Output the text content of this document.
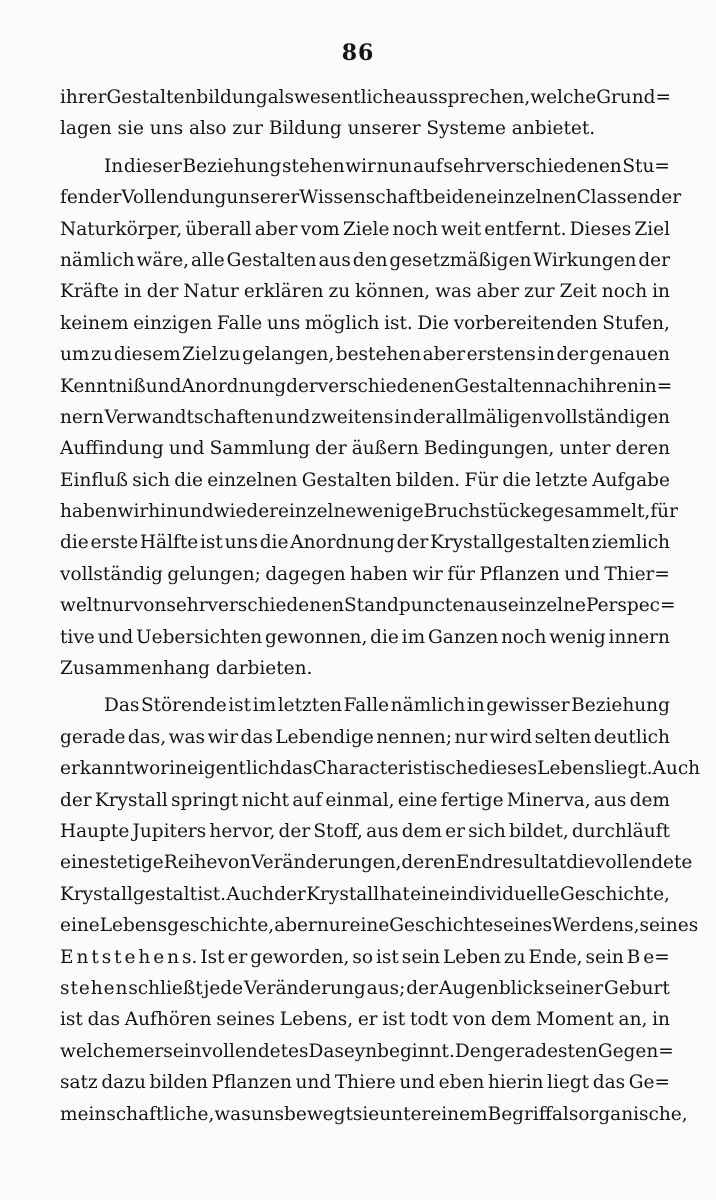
86
ihrer Gestaltenbildung als wesentliche aussprechen, welche Grund=
lagen sie uns also zur Bildung unserer Systeme anbietet.
In dieser Beziehung stehen wir nun auf sehr verschiedenen Stu=
fen der Vollendung unserer Wissenschaft bei den einzelnen Classen der
Naturkörper, überall aber vom Ziele noch weit entfernt. Dieses Ziel
nämlich wäre, alle Gestalten aus den gesetzmäßigen Wirkungen der
Kräfte in der Natur erklären zu können, was aber zur Zeit noch in
keinem einzigen Falle uns möglich ist. Die vorbereitenden Stufen,
um zu diesem Ziel zu gelangen, bestehen aber erstens in der genauen
Kenntniß und Anordnung der verschiedenen Gestalten nach ihren in=
nern Verwandtschaften und zweitens in der allmäligen vollständigen
Auffindung und Sammlung der äußern Bedingungen, unter deren
Einfluß sich die einzelnen Gestalten bilden. Für die letzte Aufgabe
haben wir hin und wieder einzelne wenige Bruchstücke gesammelt, für
die erste Hälfte ist uns die Anordnung der Krystallgestalten ziemlich
vollständig gelungen; dagegen haben wir für Pflanzen und Thier=
welt nur von sehr verschiedenen Standpuncten aus einzelne Perspec=
tive und Uebersichten gewonnen, die im Ganzen noch wenig innern
Zusammenhang darbieten.
Das Störende ist im letzten Falle nämlich in gewisser Beziehung
gerade das, was wir das Lebendige nennen; nur wird selten deutlich
erkannt worin eigentlich das Characteristische dieses Lebens liegt. Auch
der Krystall springt nicht auf einmal, eine fertige Minerva, aus dem
Haupte Jupiters hervor, der Stoff, aus dem er sich bildet, durchläuft
eine stetige Reihe von Veränderungen, deren Endresultat die vollendete
Krystallgestalt ist. Auch der Krystall hat eine individuelle Geschichte,
eine Lebensgeschichte, aber nur eine Geschichte seines Werdens, seines
E n t s t e h e n s. Ist er geworden, so ist sein Leben zu Ende, sein B e=
s t e h e n schließt jede Veränderung aus; der Augenblick seiner Geburt
ist das Aufhören seines Lebens, er ist todt von dem Moment an, in
welchem er sein vollendetes Daseyn beginnt. Den geradesten Gegen=
satz dazu bilden Pflanzen und Thiere und eben hierin liegt das Ge=
meinschaftliche, was uns bewegt sie unter einem Begriff als organische,
